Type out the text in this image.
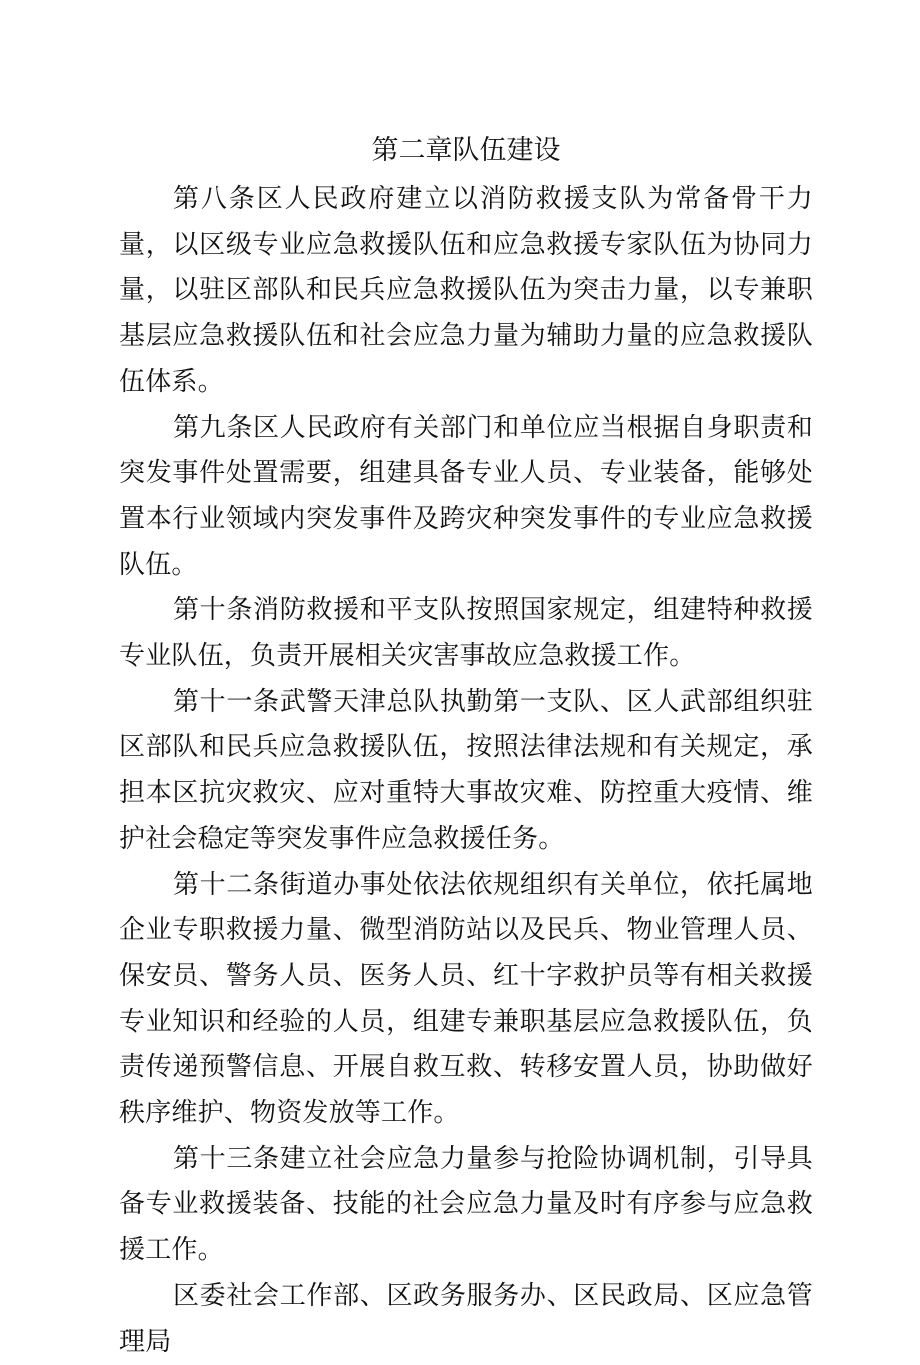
第二章队伍建设

第八条区人民政府建立以消防救援支队为常备骨干力量，以区级专业应急救援队伍和应急救援专家队伍为协同力量，以驻区部队和民兵应急救援队伍为突击力量，以专兼职基层应急救援队伍和社会应急力量为辅助力量的应急救援队伍体系。

第九条区人民政府有关部门和单位应当根据自身职责和突发事件处置需要，组建具备专业人员、专业装备，能够处置本行业领域内突发事件及跨灾种突发事件的专业应急救援队伍。

第十条消防救援和平支队按照国家规定，组建特种救援专业队伍，负责开展相关灾害事故应急救援工作。

第十一条武警天津总队执勤第一支队、区人武部组织驻区部队和民兵应急救援队伍，按照法律法规和有关规定，承担本区抗灾救灾、应对重特大事故灾难、防控重大疫情、维护社会稳定等突发事件应急救援任务。

第十二条街道办事处依法依规组织有关单位，依托属地企业专职救援力量、微型消防站以及民兵、物业管理人员、保安员、警务人员、医务人员、红十字救护员等有相关救援专业知识和经验的人员，组建专兼职基层应急救援队伍，负责传递预警信息、开展自救互救、转移安置人员，协助做好秩序维护、物资发放等工作。

第十三条建立社会应急力量参与抢险协调机制，引导具备专业救援装备、技能的社会应急力量及时有序参与应急救援工作。

区委社会工作部、区政务服务办、区民政局、区应急管理局
